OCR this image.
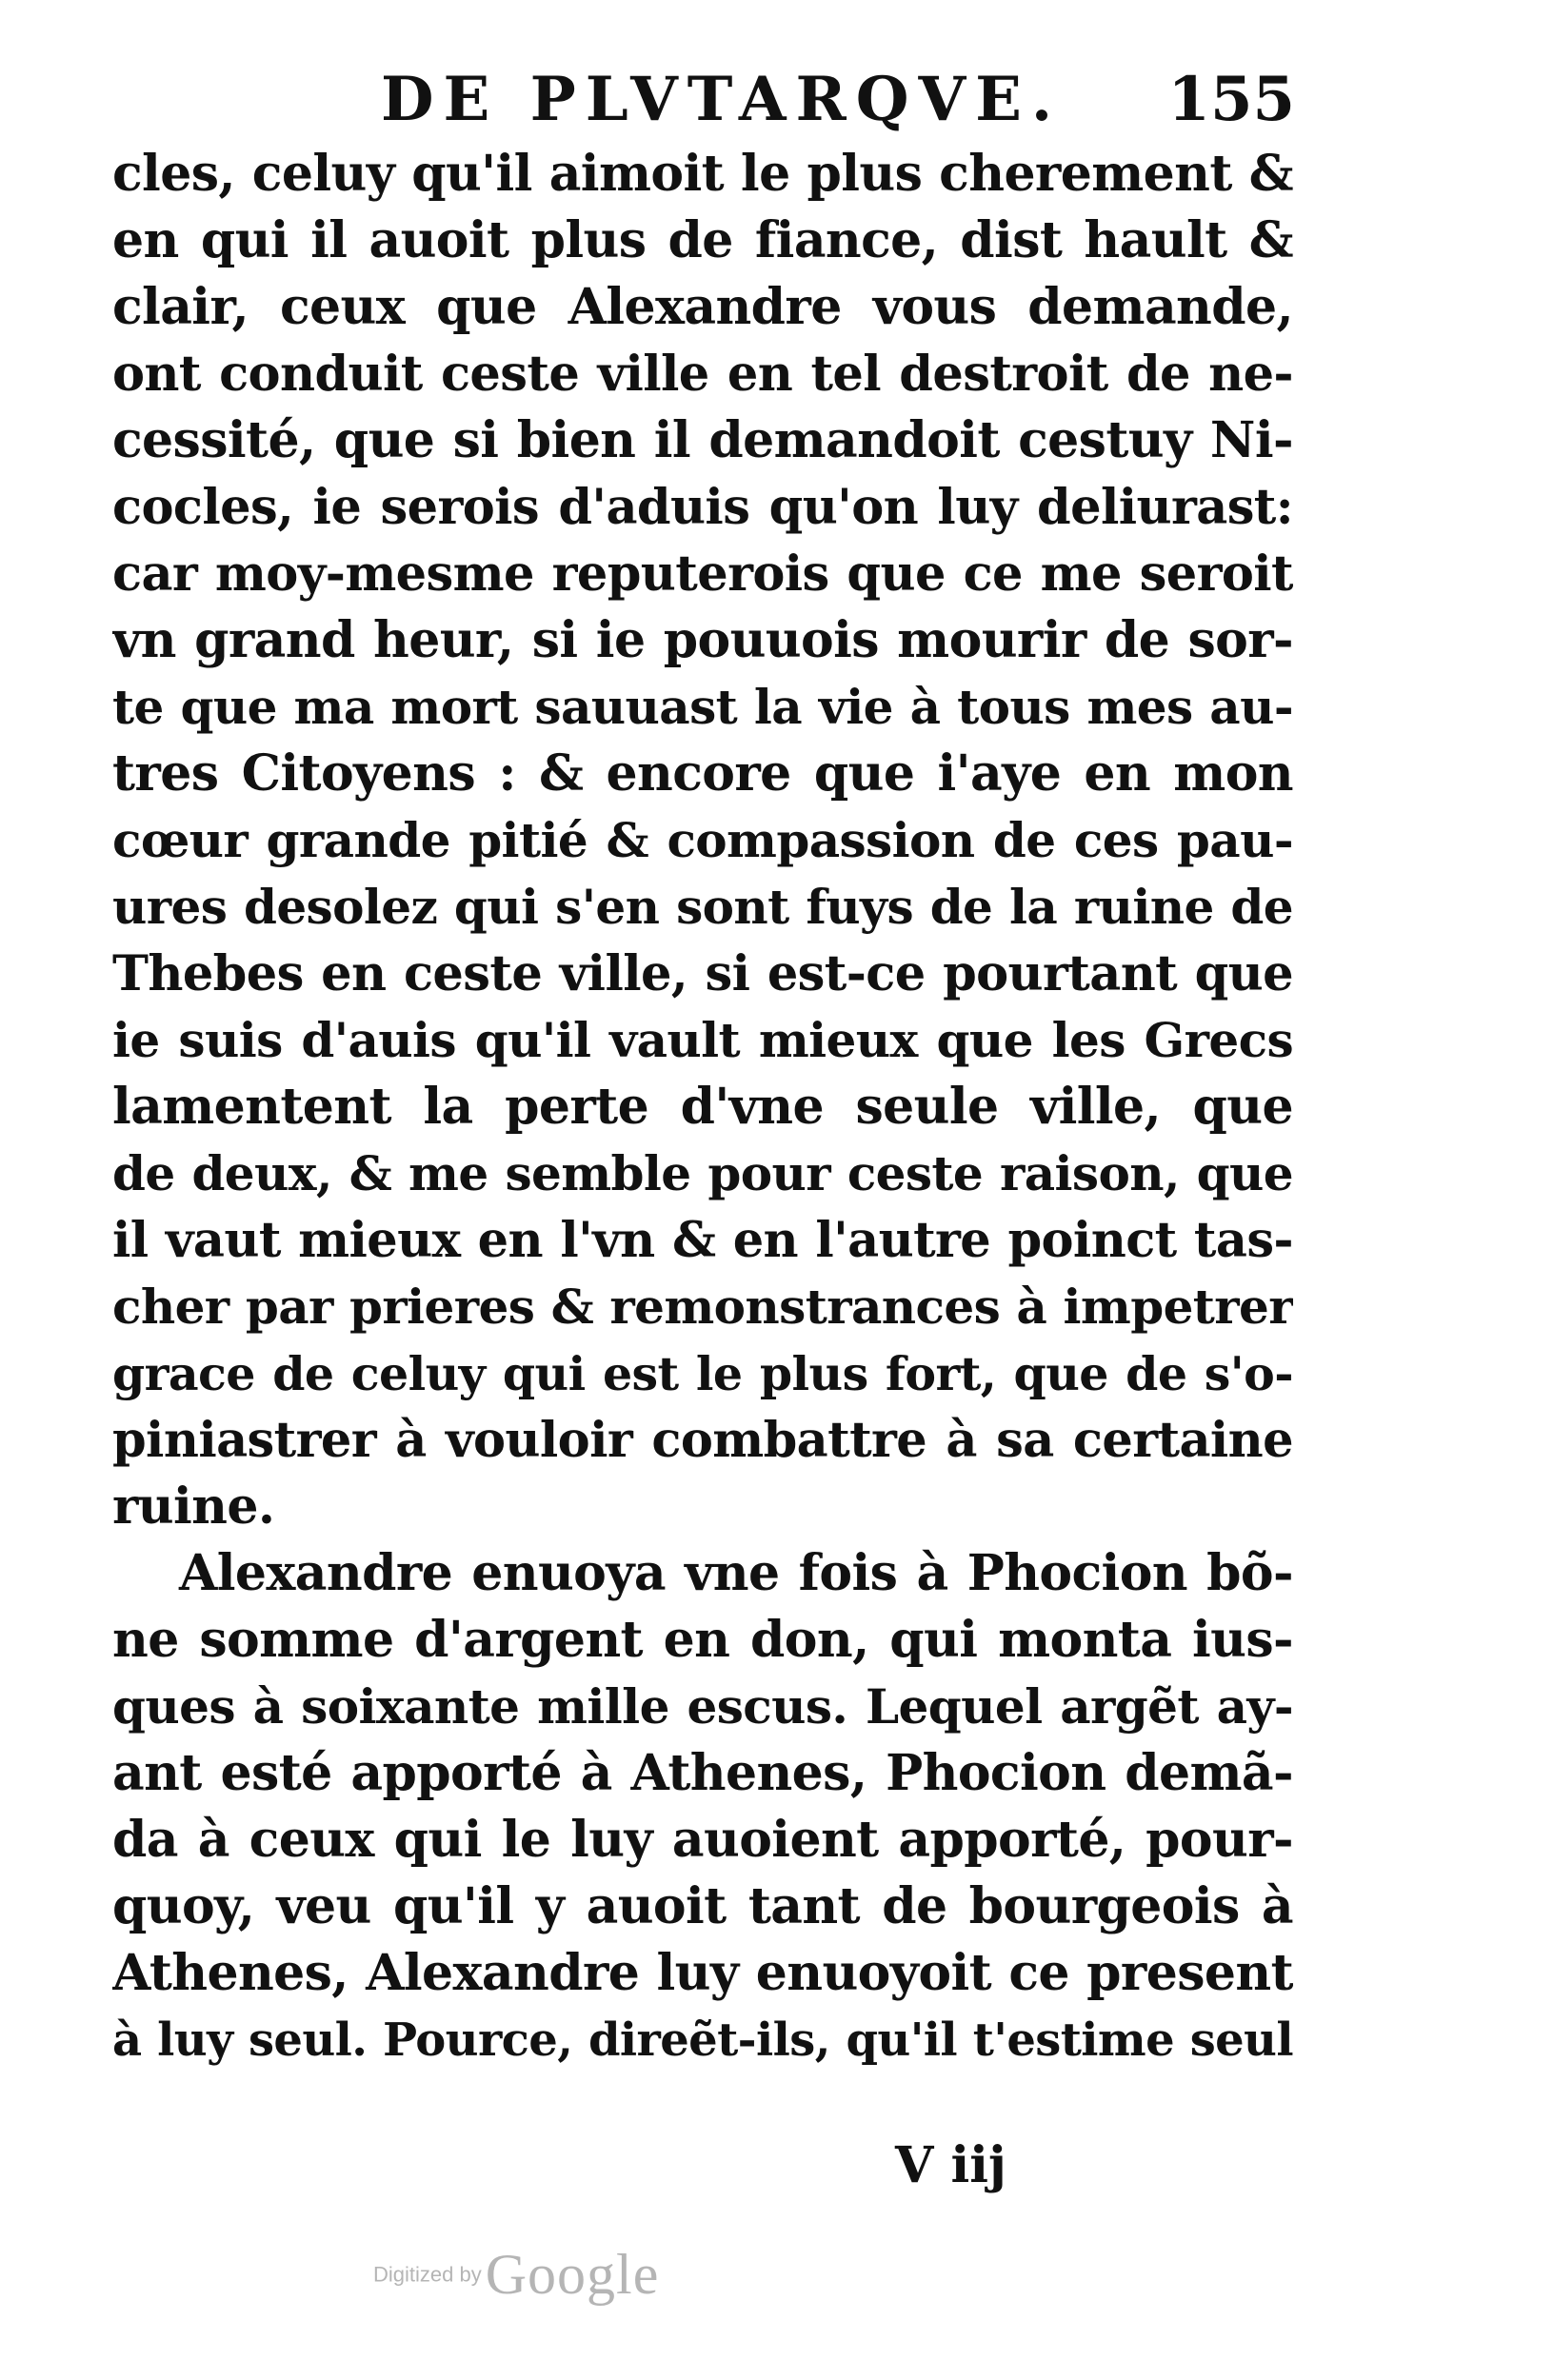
DE PLVTARQVE. 155
cles, celuy qu'il aimoit le plus cherement &
en qui il auoit plus de fiance, dist hault &
clair, ceux que Alexandre vous demande,
ont conduit ceste ville en tel destroit de ne-
cessité, que si bien il demandoit cestuy Ni-
cocles, ie serois d'aduis qu'on luy deliurast:
car moy-mesme reputerois que ce me seroit
vn grand heur, si ie pouuois mourir de sor-
te que ma mort sauuast la vie à tous mes au-
tres Citoyens : & encore que i'aye en mon
cœur grande pitié & compassion de ces pau-
ures desolez qui s'en sont fuys de la ruine de
Thebes en ceste ville, si est-ce pourtant que
ie suis d'auis qu'il vault mieux que les Grecs
lamentent la perte d'vne seule ville, que
de deux, & me semble pour ceste raison, que
il vaut mieux en l'vn & en l'autre poinct tas-
cher par prieres & remonstrances à impetrer
grace de celuy qui est le plus fort, que de s'o-
piniastrer à vouloir combattre à sa certaine
ruine.
Alexandre enuoya vne fois à Phocion bõ-
ne somme d'argent en don, qui monta ius-
ques à soixante mille escus. Lequel argẽt ay-
ant esté apporté à Athenes, Phocion demã-
da à ceux qui le luy auoient apporté, pour-
quoy, veu qu'il y auoit tant de bourgeois à
Athenes, Alexandre luy enuoyoit ce present
à luy seul. Pource, direẽt-ils, qu'il t'estime seul
V iij
Digitized by Google
